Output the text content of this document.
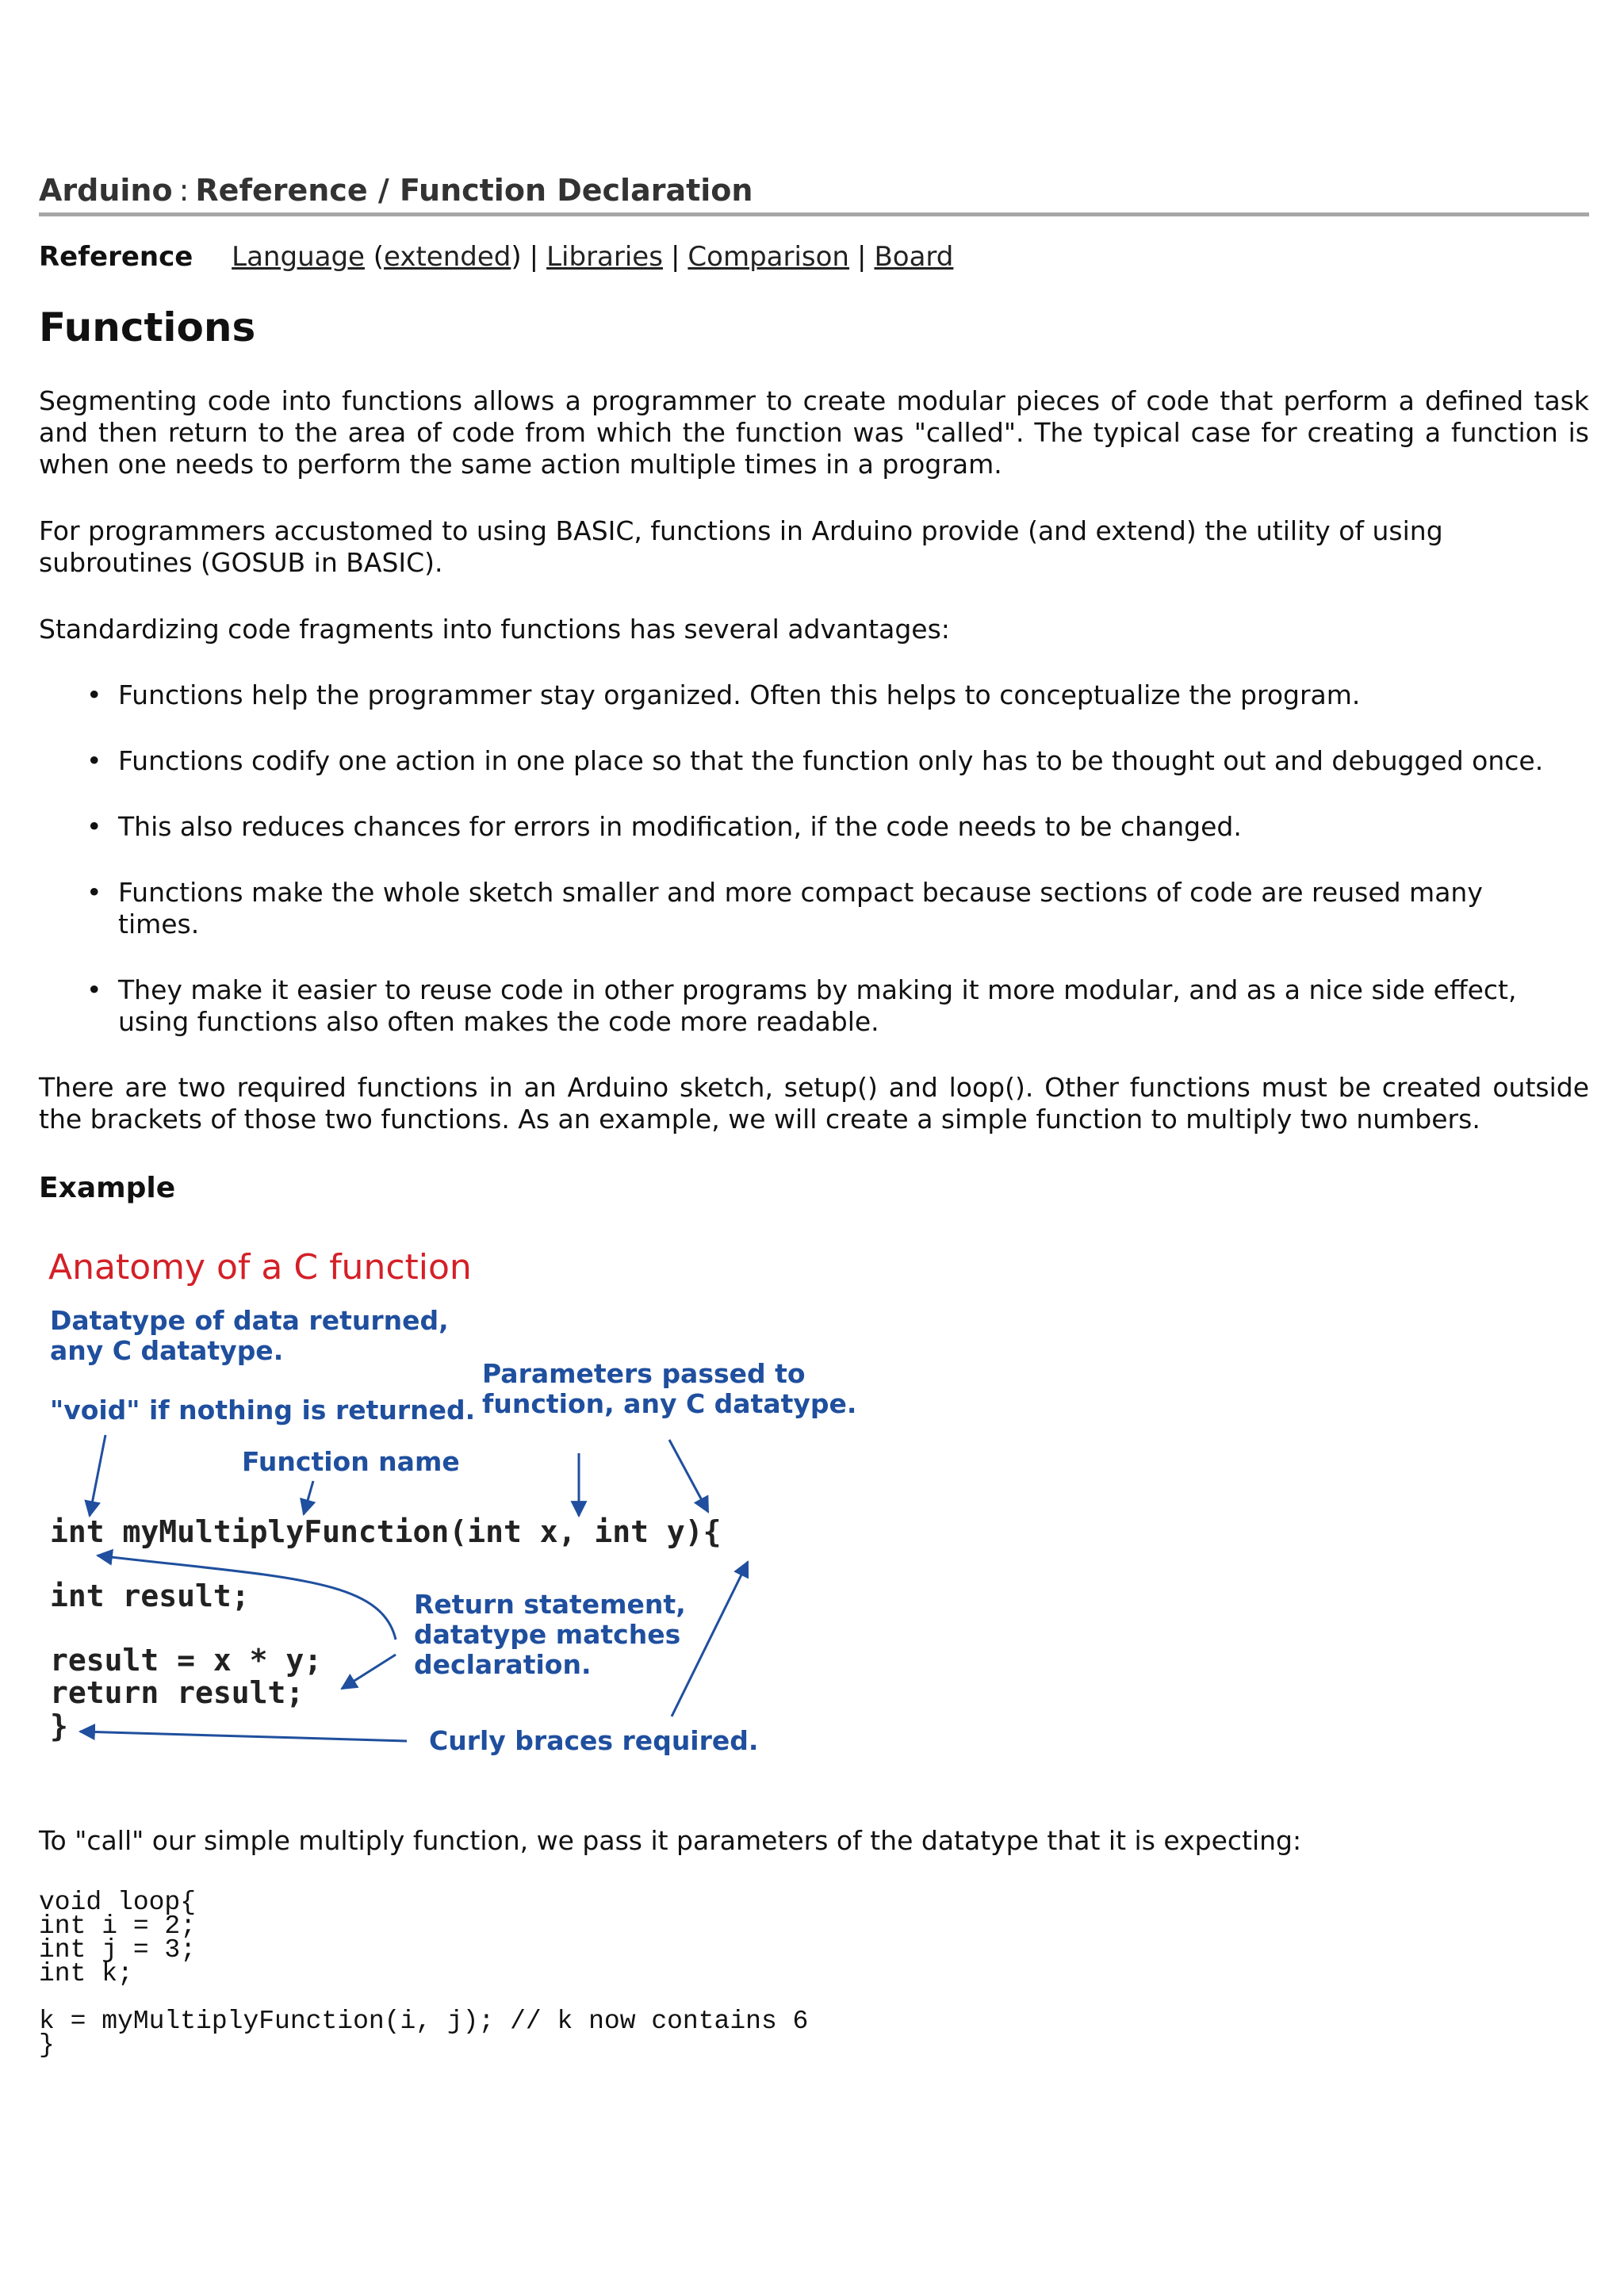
Arduino : Reference / Function Declaration
Reference Language (extended) | Libraries | Comparison | Board
Functions

Segmenting code into functions allows a programmer to create modular pieces of code that perform a defined task and then return to the area of code from which the function was "called". The typical case for creating a function is when one needs to perform the same action multiple times in a program.

For programmers accustomed to using BASIC, functions in Arduino provide (and extend) the utility of using subroutines (GOSUB in BASIC).

Standardizing code fragments into functions has several advantages:

• Functions help the programmer stay organized. Often this helps to conceptualize the program.
• Functions codify one action in one place so that the function only has to be thought out and debugged once.
• This also reduces chances for errors in modification, if the code needs to be changed.
• Functions make the whole sketch smaller and more compact because sections of code are reused many times.
• They make it easier to reuse code in other programs by making it more modular, and as a nice side effect, using functions also often makes the code more readable.

There are two required functions in an Arduino sketch, setup() and loop(). Other functions must be created outside the brackets of those two functions. As an example, we will create a simple function to multiply two numbers.

Example
Anatomy of a C function
Datatype of data returned,
any C datatype.
"void" if nothing is returned.
Parameters passed to
function, any C datatype.
Function name
int myMultiplyFunction(int x, int y){
int result;
result = x * y;
return result;
}
Return statement,
datatype matches
declaration.
Curly braces required.

To "call" our simple multiply function, we pass it parameters of the datatype that it is expecting:

void loop{
int i = 2;
int j = 3;
int k;

k = myMultiplyFunction(i, j); // k now contains 6
}
